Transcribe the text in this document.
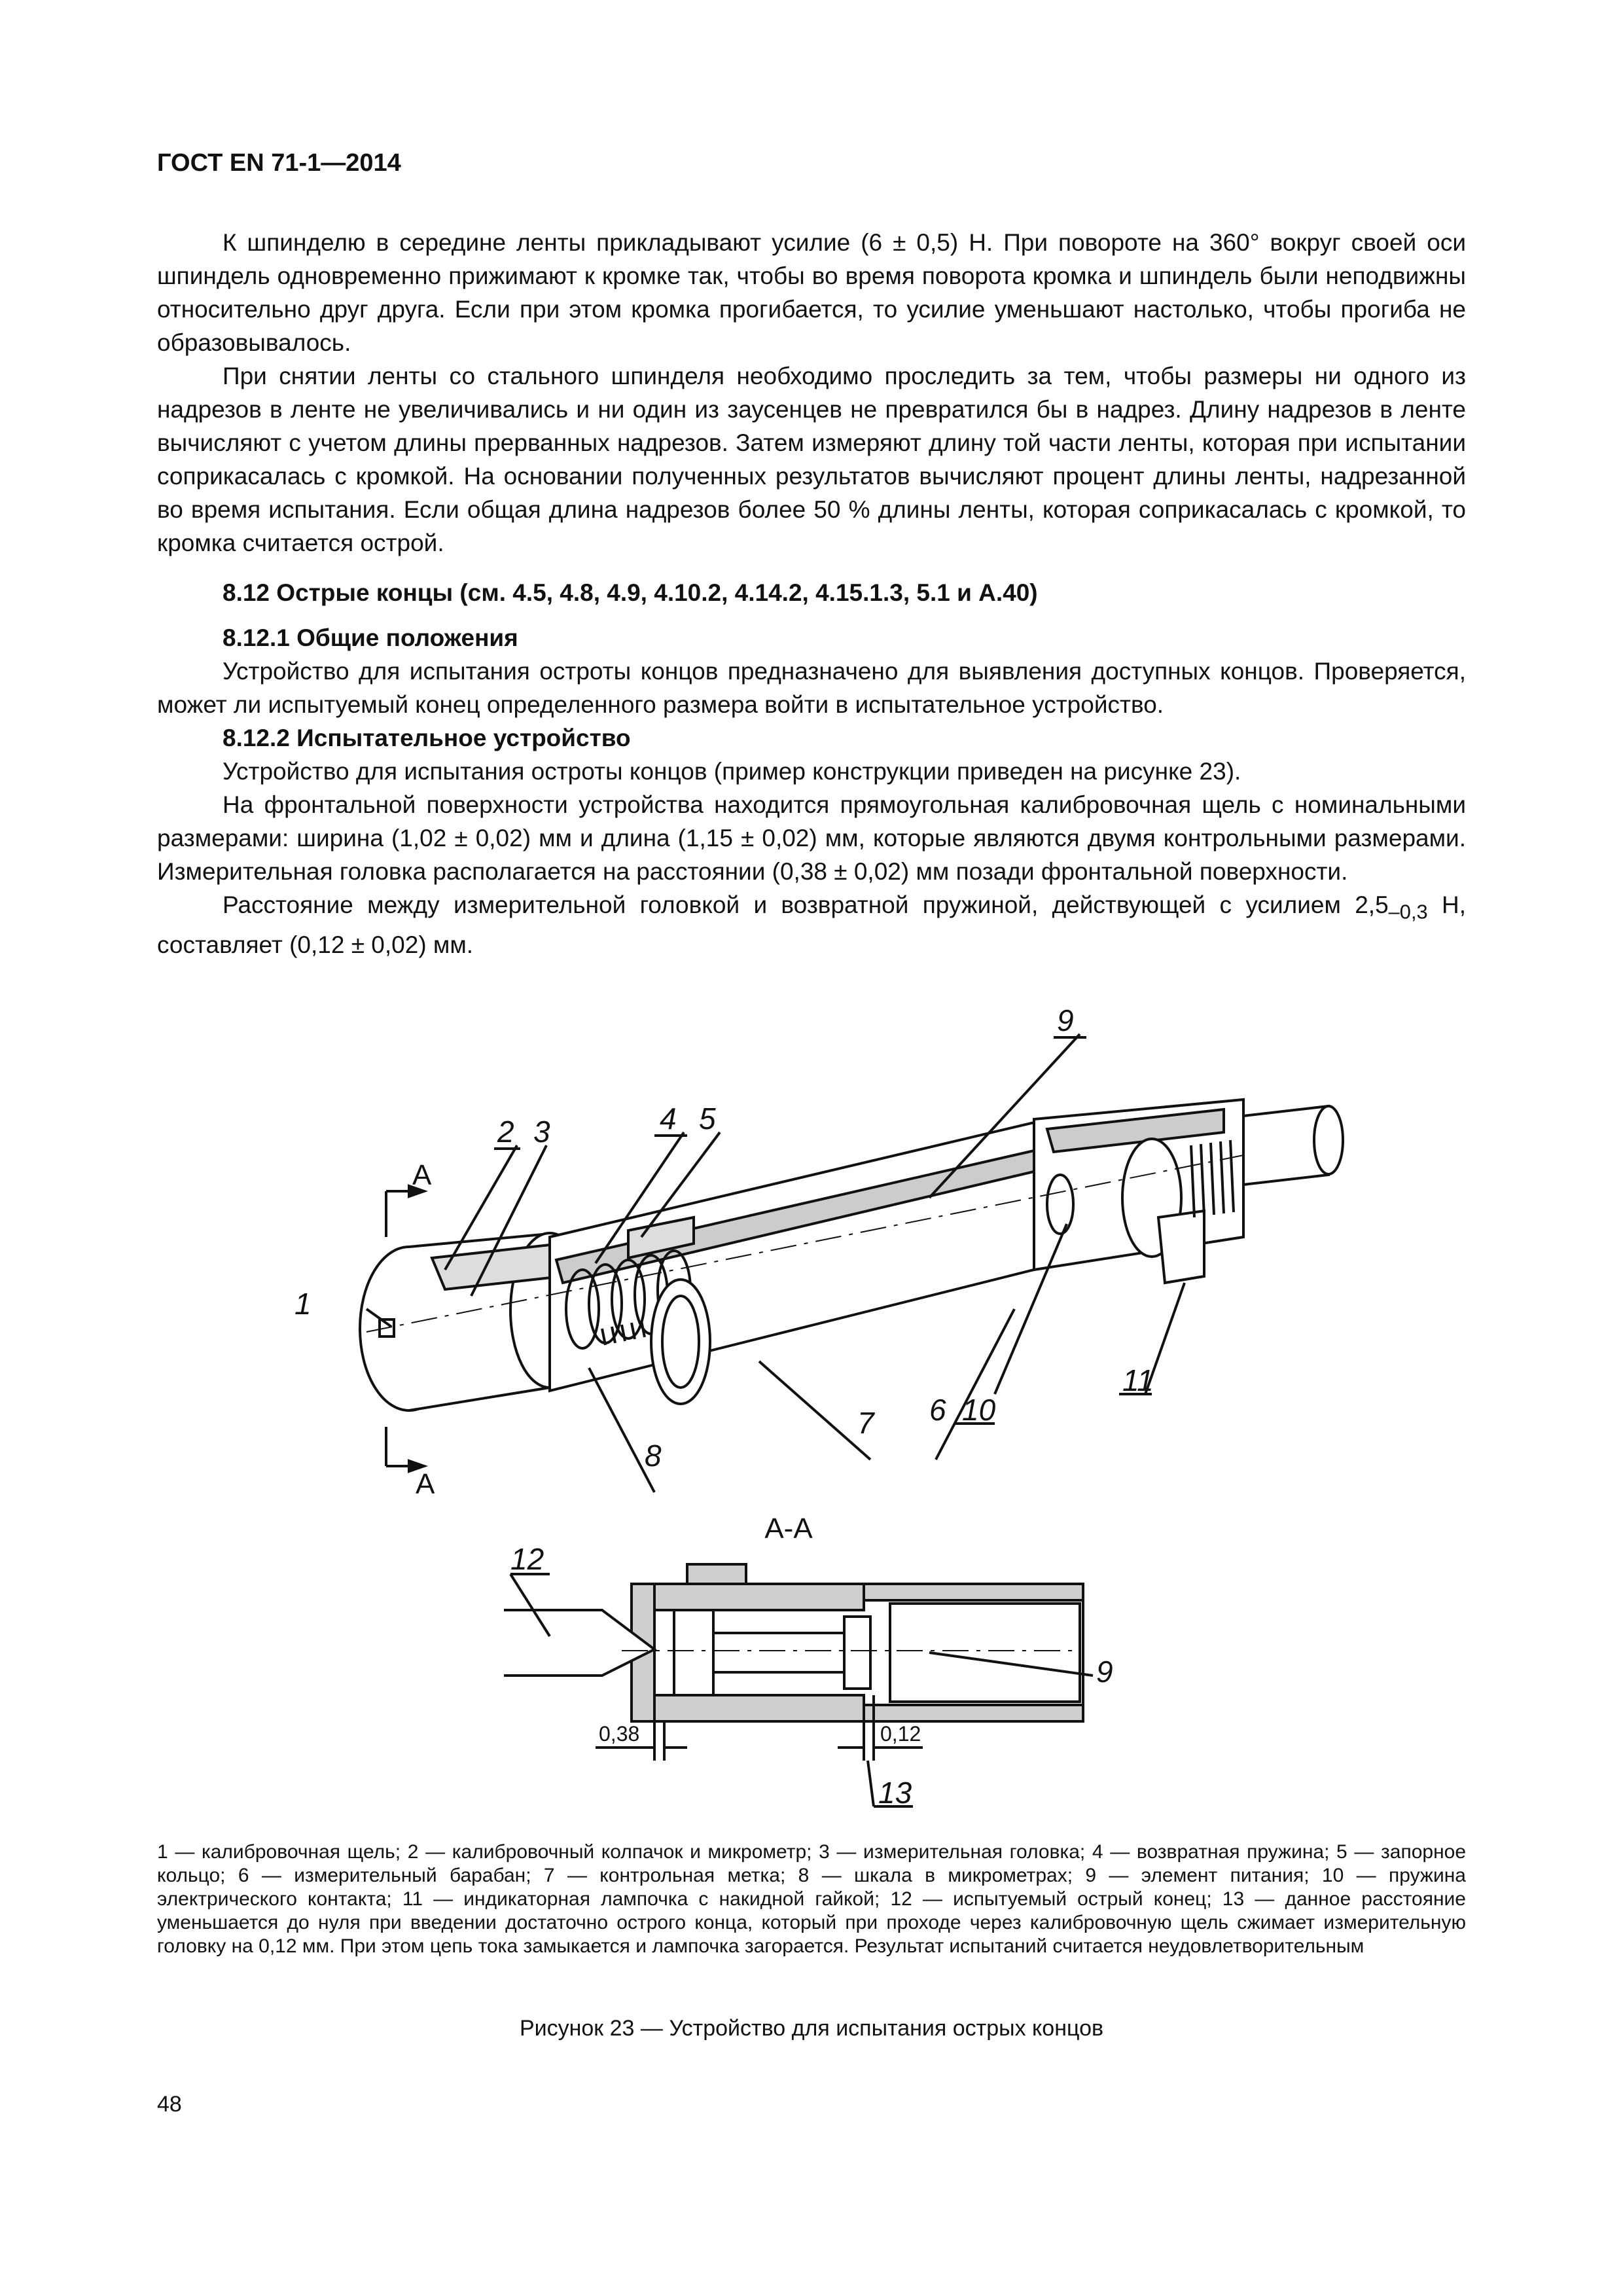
ГОСТ EN 71-1—2014

К шпинделю в середине ленты прикладывают усилие (6 ± 0,5) Н. При повороте на 360° вокруг своей оси шпиндель одновременно прижимают к кромке так, чтобы во время поворота кромка и шпиндель были неподвижны относительно друг друга. Если при этом кромка прогибается, то усилие уменьшают настолько, чтобы прогиба не образовывалось.

При снятии ленты со стального шпинделя необходимо проследить за тем, чтобы размеры ни одного из надрезов в ленте не увеличивались и ни один из заусенцев не превратился бы в надрез. Длину надрезов в ленте вычисляют с учетом длины прерванных надрезов. Затем измеряют длину той части ленты, которая при испытании соприкасалась с кромкой. На основании полученных результатов вычисляют процент длины ленты, надрезанной во время испытания. Если общая длина надрезов более 50 % длины ленты, которая соприкасалась с кромкой, то кромка считается острой.

8.12 Острые концы (см. 4.5, 4.8, 4.9, 4.10.2, 4.14.2, 4.15.1.3, 5.1 и А.40)

8.12.1 Общие положения

Устройство для испытания остроты концов предназначено для выявления доступных концов. Проверяется, может ли испытуемый конец определенного размера войти в испытательное устройство.

8.12.2 Испытательное устройство

Устройство для испытания остроты концов (пример конструкции приведен на рисунке 23).

На фронтальной поверхности устройства находится прямоугольная калибровочная щель с номинальными размерами: ширина (1,02 ± 0,02) мм и длина (1,15 ± 0,02) мм, которые являются двумя контрольными размерами. Измерительная головка располагается на расстоянии (0,38 ± 0,02) мм позади фронтальной поверхности.

Расстояние между измерительной головкой и возвратной пружиной, действующей с усилием $2,5_{-0,3}$ Н, составляет (0,12 ± 0,02) мм.

1
2 3	4 5
9
7 6 10
11
8
А
А
А-А
12
9
13
0,38	0,12
1 — калибровочная щель; 2 — калибровочный колпачок и микрометр; 3 — измерительная головка; 4 — возвратная пружина; 5 — запорное кольцо; 6 — измерительный барабан; 7 — контрольная метка; 8 — шкала в микрометрах; 9 — элемент питания; 10 — пружина электрического контакта; 11 — индикаторная лампочка с накидной гайкой; 12 — испытуемый острый конец; 13 — данное расстояние уменьшается до нуля при введении достаточно острого конца, который при проходе через калибровочную щель сжимает измерительную головку на 0,12 мм. При этом цепь тока замыкается и лампочка загорается. Результат испытаний считается неудовлетворительным
Рисунок 23 — Устройство для испытания острых концов
48
